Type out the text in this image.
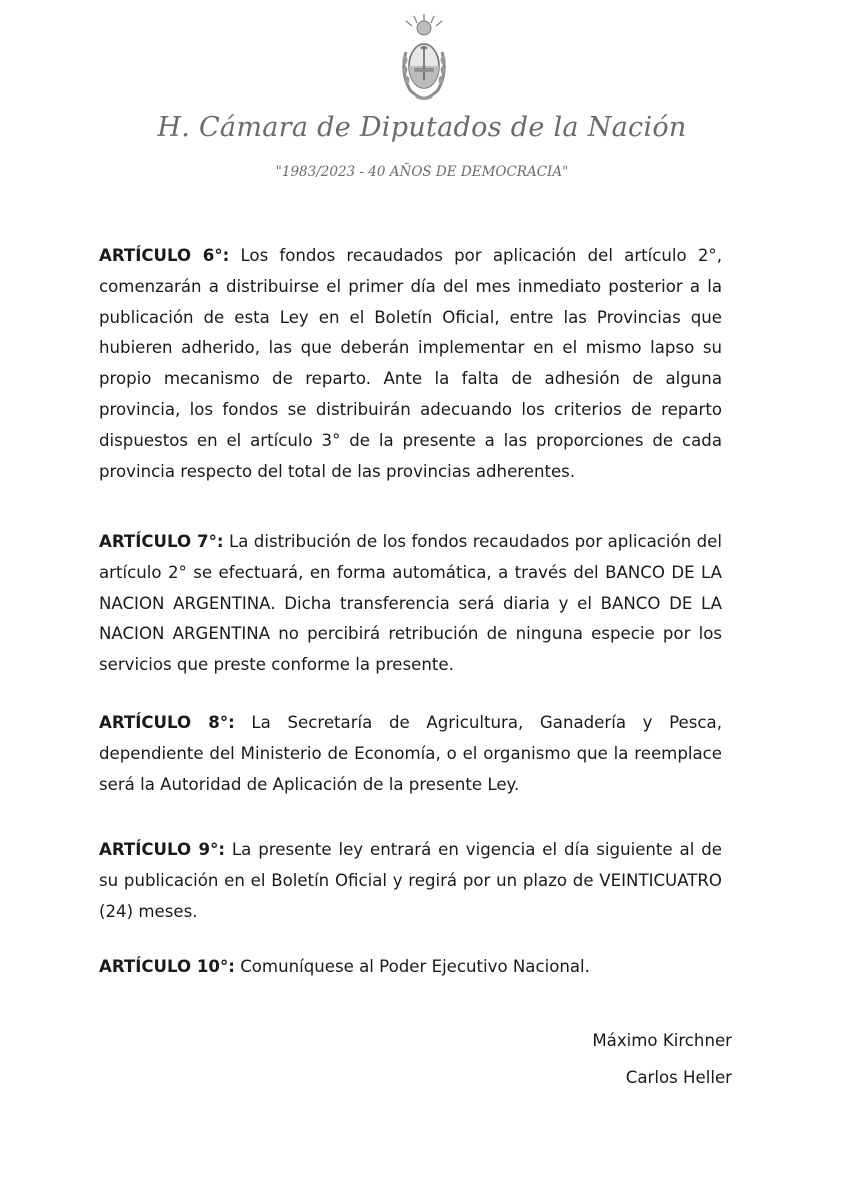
H. Cámara de Diputados de la Nación
"1983/2023 - 40 AÑOS DE DEMOCRACIA"

ARTÍCULO 6°: Los fondos recaudados por aplicación del artículo 2°, comenzarán a distribuirse el primer día del mes inmediato posterior a la publicación de esta Ley en el Boletín Oficial, entre las Provincias que hubieren adherido, las que deberán implementar en el mismo lapso su propio mecanismo de reparto. Ante la falta de adhesión de alguna provincia, los fondos se distribuirán adecuando los criterios de reparto dispuestos en el artículo 3° de la presente a las proporciones de cada provincia respecto del total de las provincias adherentes.

ARTÍCULO 7°: La distribución de los fondos recaudados por aplicación del artículo 2° se efectuará, en forma automática, a través del BANCO DE LA NACION ARGENTINA. Dicha transferencia será diaria y el BANCO DE LA NACION ARGENTINA no percibirá retribución de ninguna especie por los servicios que preste conforme la presente.

ARTÍCULO 8°: La Secretaría de Agricultura, Ganadería y Pesca, dependiente del Ministerio de Economía, o el organismo que la reemplace será la Autoridad de Aplicación de la presente Ley.

ARTÍCULO 9°: La presente ley entrará en vigencia el día siguiente al de su publicación en el Boletín Oficial y regirá por un plazo de VEINTICUATRO (24) meses.

ARTÍCULO 10°: Comuníquese al Poder Ejecutivo Nacional.

Máximo Kirchner
Carlos Heller
